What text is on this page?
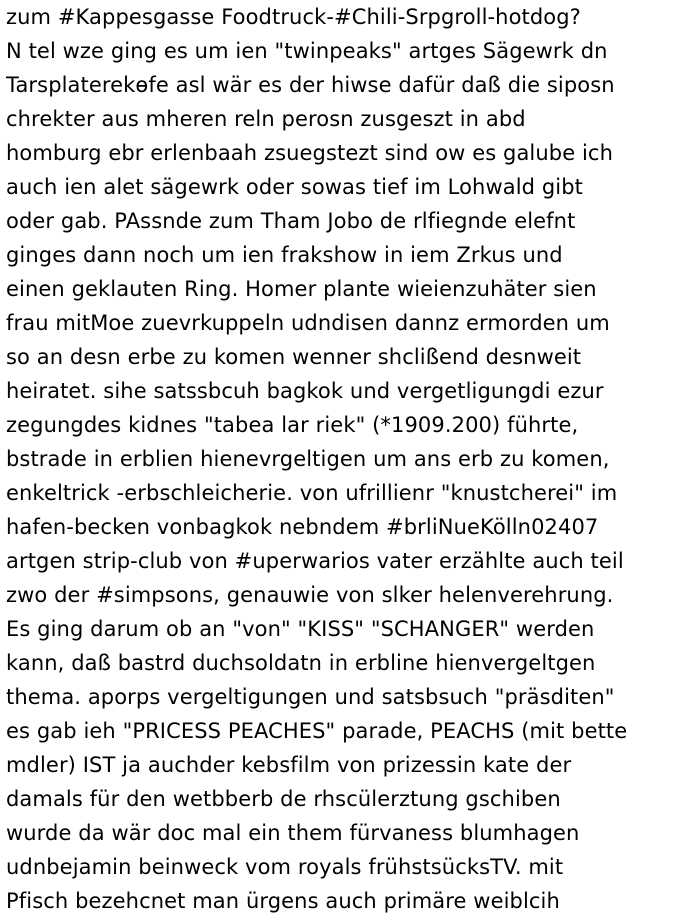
zum #Kappesgasse Foodtruck-#Chili-Srpgroll-hotdog?
N tel wze ging es um ien "twinpeaks" artges Sägewrk dn
Tarsplaterekөfe asl wär es der hiwse dafür daß die siposn
chrekter aus mheren reln perosn zusgeszt in abd
homburg ebr erlenbaah zsuegstezt sind ow es galube ich
auch ien alet sägewrk oder sowas tief im Lohwald gibt
oder gab. PAssnde zum Tham Jobo de rlfiegnde elefnt
ginges dann noch um ien frakshow in iem Zrkus und
einen geklauten Ring. Homer plante wieienzuhäter sien
frau mitMoe zuevrkuppeln udndisen dannz ermorden um
so an desn erbe zu komen wenner shclißend desnweit
heiratet. sihe satssbcuh bagkok und vergetligungdi ezur
zegungdes kidnes "tabea lar riek" (*1909.200) führte,
bstrade in erblien hienevrgeltigen um ans erb zu komen,
enkeltrick -erbschleicherie. von ufrillienr "knustcherei" im
hafen-becken vonbagkok nebndem #brliNueKölln02407
artgen strip-club von #uperwarios vater erzählte auch teil
zwo der #simpsons, genauwie von slker helenverehrung.
Es ging darum ob an "von" "KISS" "SCHANGER" werden
kann, daß bastrd duchsoldatn in erbline hienvergeltgen
thema. aporps vergeltigungen und satsbsuch "präsditen"
es gab ieh "PRICESS PEACHES" parade, PEACHS (mit bette
mdler) IST ja auchder kebsfilm von prizessin kate der
damals für den wetbberb de rhscülerztung gschiben
wurde da wär doc mal ein them fürvaness blumhagen
udnbejamin beinweck vom royals frühstsücksTV. mit
Pfisch bezehcnet man ürgens auch primäre weiblcih
